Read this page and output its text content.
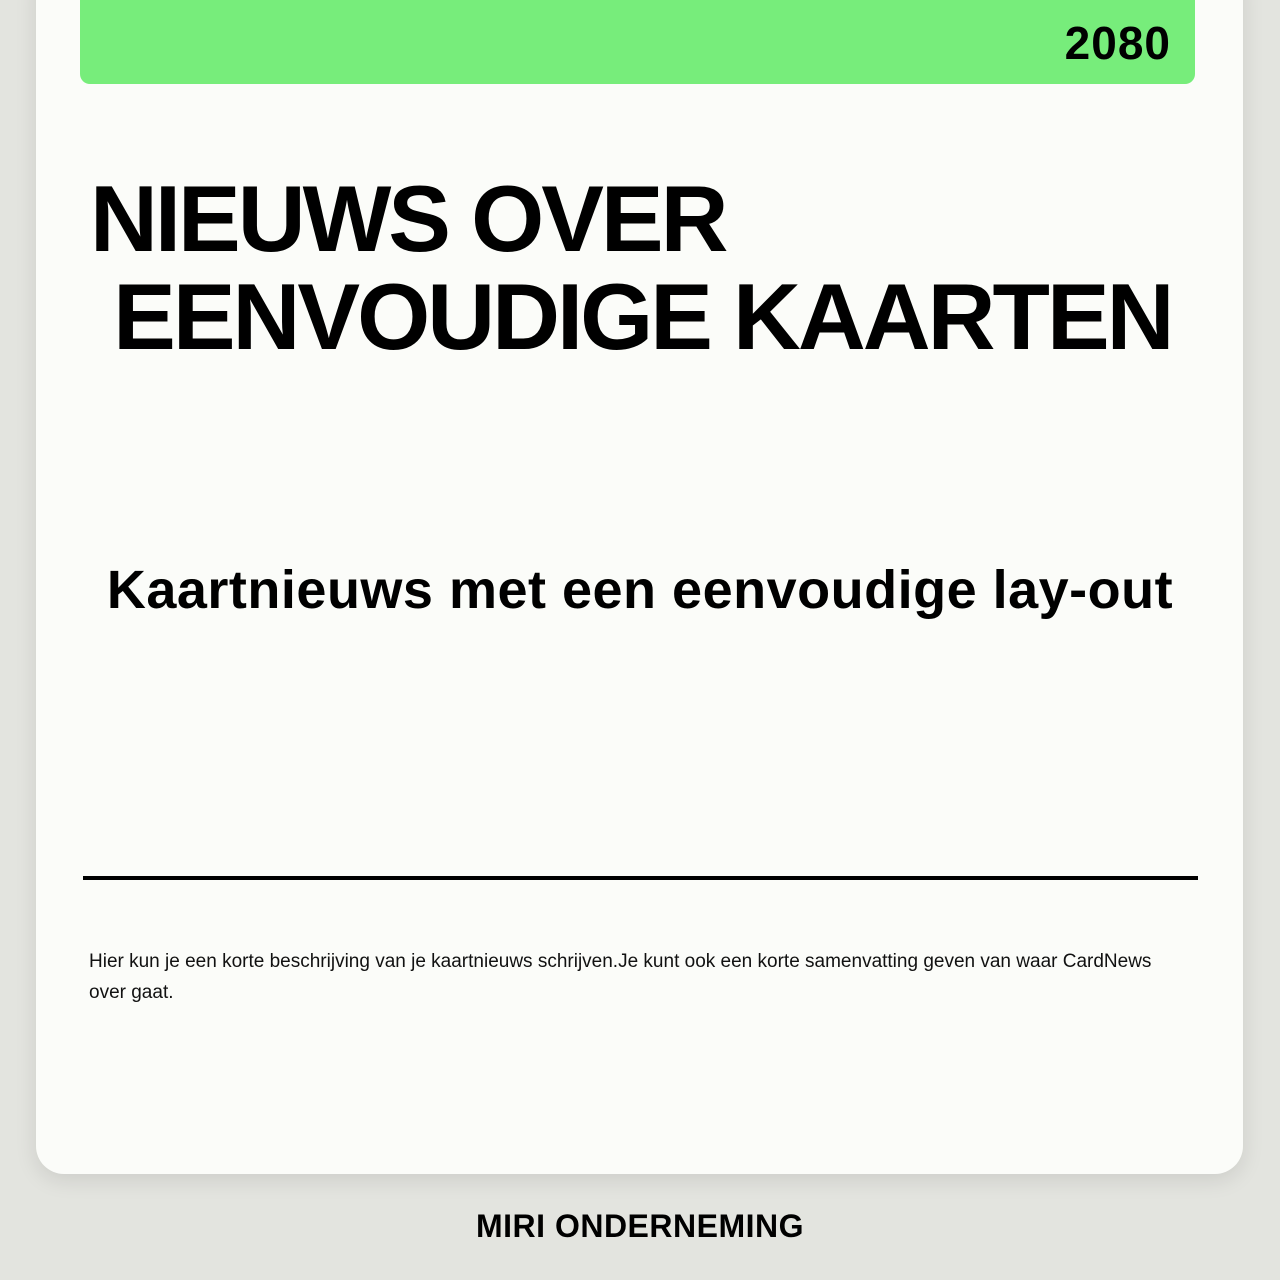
2080
NIEUWS OVER
EENVOUDIGE KAARTEN
Kaartnieuws met een eenvoudige lay-out

Hier kun je een korte beschrijving van je kaartnieuws schrijven.Je kunt ook een korte samenvatting geven van waar CardNews over gaat.

MIRI ONDERNEMING
